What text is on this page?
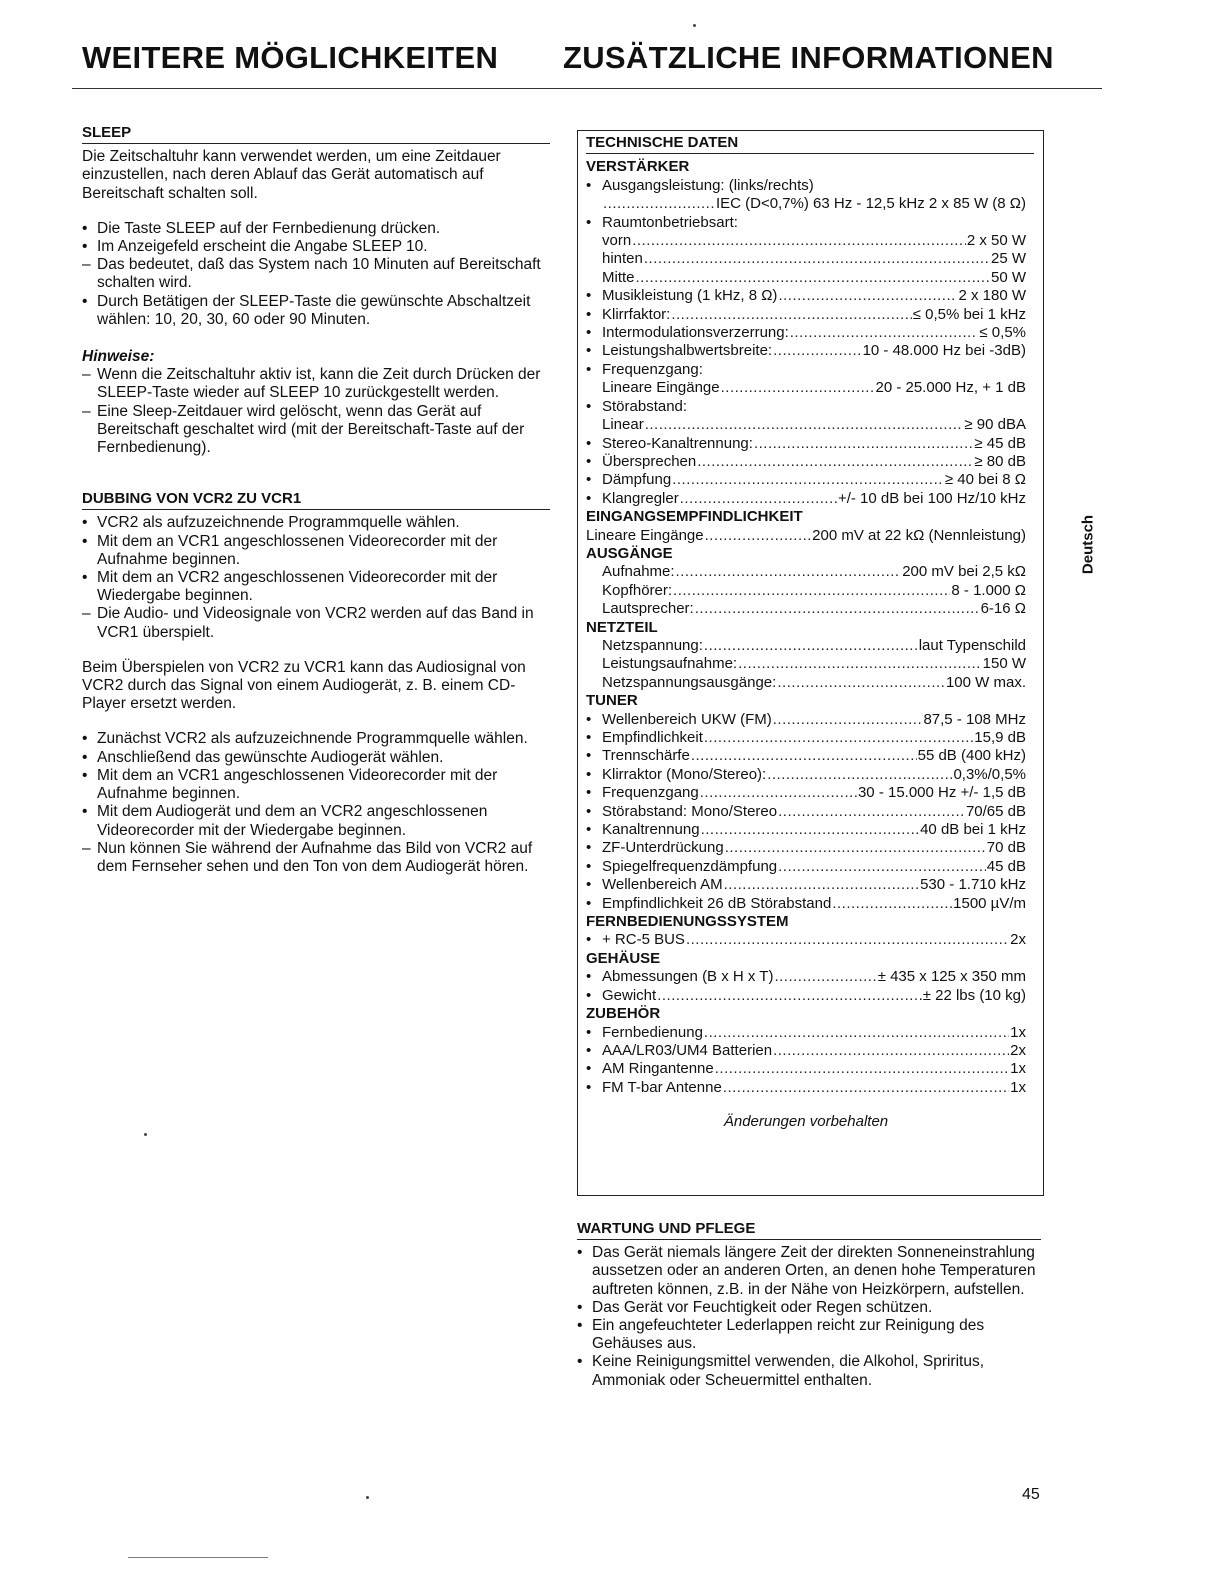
WEITERE MÖGLICHKEITEN ZUSÄTZLICHE INFORMATIONEN
SLEEP

Die Zeitschaltuhr kann verwendet werden, um eine Zeitdauer einzustellen, nach deren Ablauf das Gerät automatisch auf Bereitschaft schalten soll.

• Die Taste SLEEP auf der Fernbedienung drücken.
• Im Anzeigefeld erscheint die Angabe SLEEP 10.
– Das bedeutet, daß das System nach 10 Minuten auf Bereitschaft schalten wird.
• Durch Betätigen der SLEEP-Taste die gewünschte Abschaltzeit wählen: 10, 20, 30, 60 oder 90 Minuten.
Hinweise:
– Wenn die Zeitschaltuhr aktiv ist, kann die Zeit durch Drücken der SLEEP-Taste wieder auf SLEEP 10 zurückgestellt werden.
– Eine Sleep-Zeitdauer wird gelöscht, wenn das Gerät auf Bereitschaft geschaltet wird (mit der Bereitschaft-Taste auf der Fernbedienung).
DUBBING VON VCR2 ZU VCR1
• VCR2 als aufzuzeichnende Programmquelle wählen.
• Mit dem an VCR1 angeschlossenen Videorecorder mit der Aufnahme beginnen.
• Mit dem an VCR2 angeschlossenen Videorecorder mit der Wiedergabe beginnen.
– Die Audio- und Videosignale von VCR2 werden auf das Band in VCR1 überspielt.

Beim Überspielen von VCR2 zu VCR1 kann das Audiosignal von VCR2 durch das Signal von einem Audiogerät, z. B. einem CD-Player ersetzt werden.

• Zunächst VCR2 als aufzuzeichnende Programmquelle wählen.
• Anschließend das gewünschte Audiogerät wählen.
• Mit dem an VCR1 angeschlossenen Videorecorder mit der Aufnahme beginnen.
• Mit dem Audiogerät und dem an VCR2 angeschlossenen Videorecorder mit der Wiedergabe beginnen.
– Nun können Sie während der Aufnahme das Bild von VCR2 auf dem Fernseher sehen und den Ton von dem Audiogerät hören.
TECHNISCHE DATEN
VERSTÄRKER
• Ausgangsleistung: (links/rechts)
.....
IEC (D<0,7%) 63 Hz - 12,5 kHz 2 x 85 W (8 Ω)
• Raumtonbetriebsart:
vorn .....	2 x 50 W
hinten .....	25 W
Mitte .....	50 W
• Musikleistung (1 kHz, 8 Ω) .....	2 x 180 W
• Klirrfaktor: .....	≤ 0,5% bei 1 kHz
• Intermodulationsverzerrung: .....	≤ 0,5%
• Leistungshalbwertsbreite: .....	10 - 48.000 Hz bei -3dB)
• Frequenzgang:
Lineare Eingänge .....	20 - 25.000 Hz, + 1 dB
• Störabstand:
Linear .....	≥ 90 dBA
• Stereo-Kanaltrennung: .....	≥ 45 dB
• Übersprechen .....	≥ 80 dB
• Dämpfung .....	≥ 40 bei 8 Ω
• Klangregler .....	+/- 10 dB bei 100 Hz/10 kHz
EINGANGSEMPFINDLICHKEIT
Lineare Eingänge .....	200 mV at 22 kΩ (Nennleistung)
AUSGÄNGE
Aufnahme: .....	200 mV bei 2,5 kΩ
Kopfhörer: .....	8 - 1.000 Ω
Lautsprecher: .....	6-16 Ω
NETZTEIL
Netzspannung: .....	laut Typenschild
Leistungsaufnahme: .....	150 W
Netzspannungsausgänge: .....	100 W max.
TUNER
• Wellenbereich UKW (FM) .....	87,5 - 108 MHz
• Empfindlichkeit .....	15,9 dB
• Trennschärfe .....	55 dB (400 kHz)
• Klirraktor (Mono/Stereo): .....	0,3%/0,5%
• Frequenzgang .....	30 - 15.000 Hz +/- 1,5 dB
• Störabstand: Mono/Stereo .....	70/65 dB
• Kanaltrennung .....	40 dB bei 1 kHz
• ZF-Unterdrückung .....	70 dB
• Spiegelfrequenzdämpfung .....	45 dB
• Wellenbereich AM .....	530 - 1.710 kHz
• Empfindlichkeit 26 dB Störabstand .....	1500 µV/m
FERNBEDIENUNGSSYSTEM
• + RC-5 BUS .....	2x
GEHÄUSE
• Abmessungen (B x H x T) .....	± 435 x 125 x 350 mm
• Gewicht .....	± 22 lbs (10 kg)
ZUBEHÖR
• Fernbedienung .....	1x
• AAA/LR03/UM4 Batterien .....	2x
• AM Ringantenne .....	1x
• FM T-bar Antenne .....	1x
Änderungen vorbehalten
WARTUNG UND PFLEGE
• Das Gerät niemals längere Zeit der direkten Sonneneinstrahlung aussetzen oder an anderen Orten, an denen hohe Temperaturen auftreten können, z.B. in der Nähe von Heizkörpern, aufstellen.
• Das Gerät vor Feuchtigkeit oder Regen schützen.
• Ein angefeuchteter Lederlappen reicht zur Reinigung des Gehäuses aus.
• Keine Reinigungsmittel verwenden, die Alkohol, Spriritus, Ammoniak oder Scheuermittel enthalten.
Deutsch
45
